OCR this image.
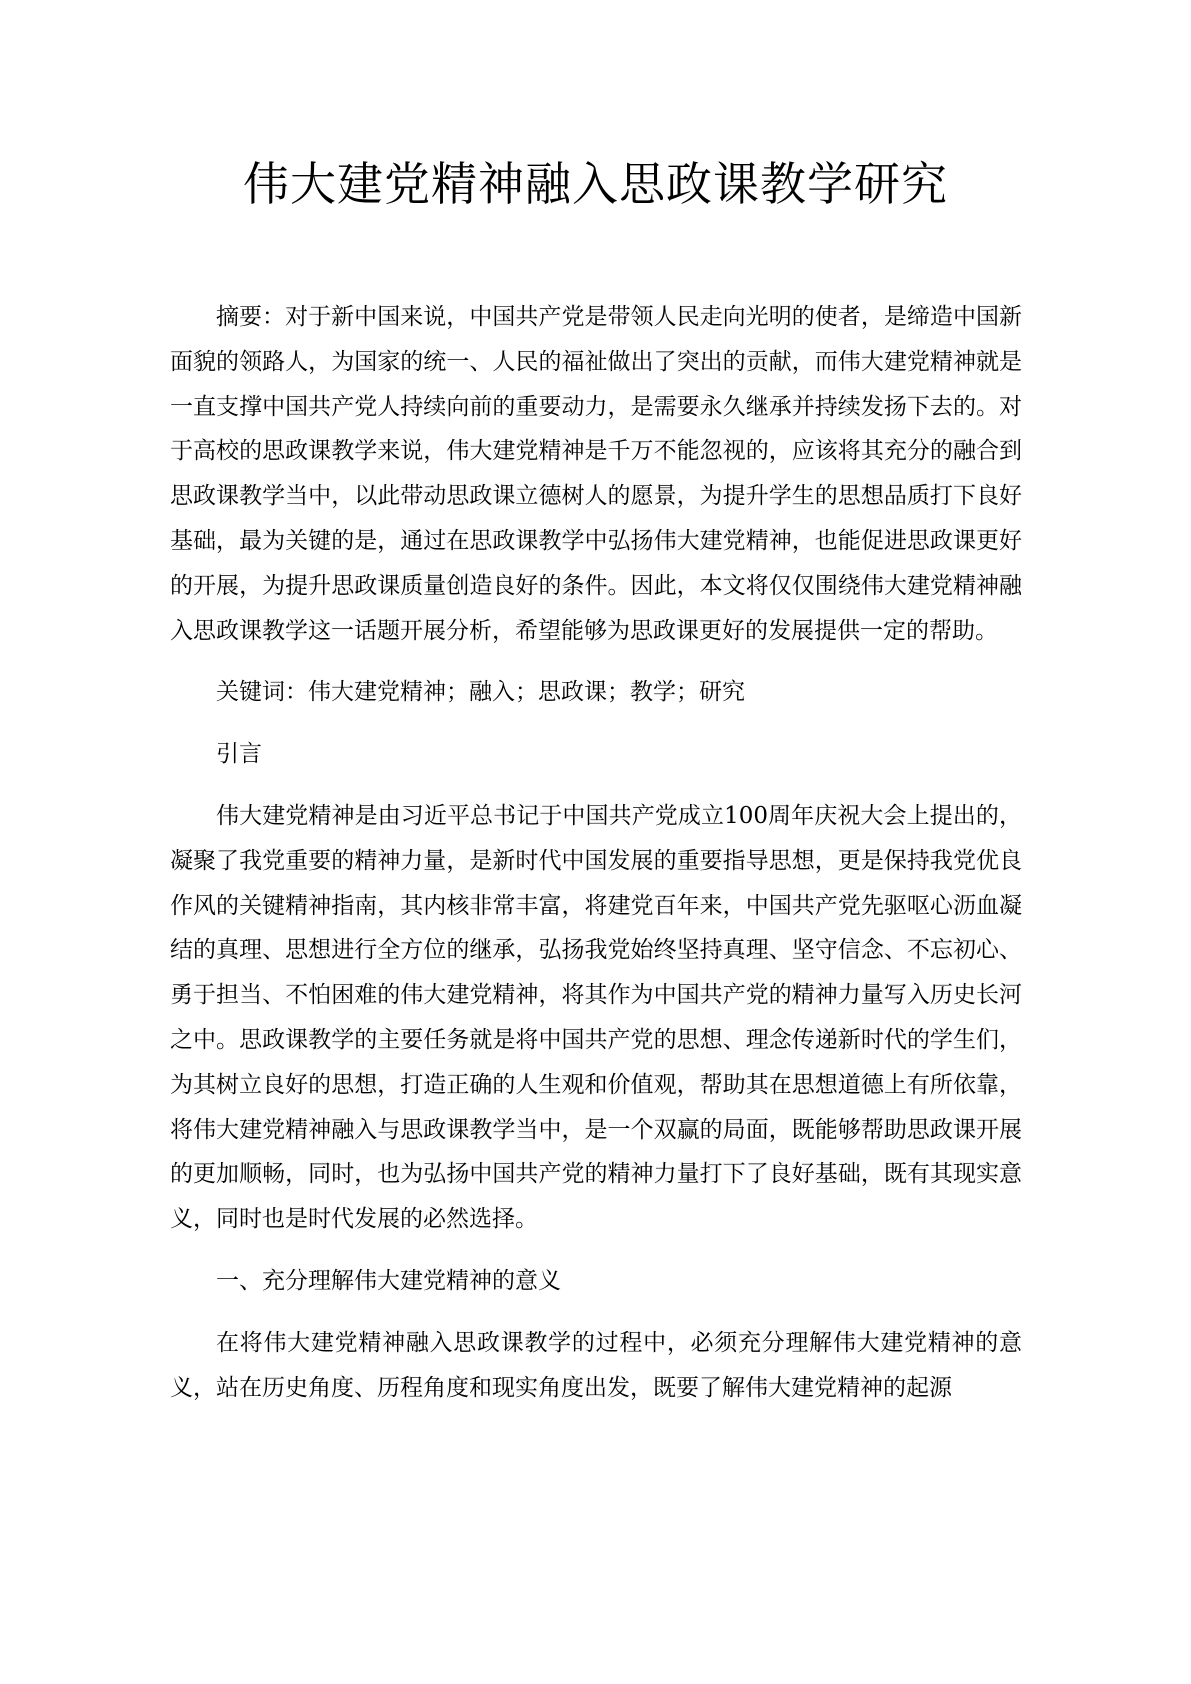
伟大建党精神融入思政课教学研究

摘要：对于新中国来说，中国共产党是带领人民走向光明的使者，是缔造中国新面貌的领路人，为国家的统一、人民的福祉做出了突出的贡献，而伟大建党精神就是一直支撑中国共产党人持续向前的重要动力，是需要永久继承并持续发扬下去的。对于高校的思政课教学来说，伟大建党精神是千万不能忽视的，应该将其充分的融合到思政课教学当中，以此带动思政课立德树人的愿景，为提升学生的思想品质打下良好基础，最为关键的是，通过在思政课教学中弘扬伟大建党精神，也能促进思政课更好的开展，为提升思政课质量创造良好的条件。因此，本文将仅仅围绕伟大建党精神融入思政课教学这一话题开展分析，希望能够为思政课更好的发展提供一定的帮助。

关键词：伟大建党精神；融入；思政课；教学；研究

引言

伟大建党精神是由习近平总书记于中国共产党成立100周年庆祝大会上提出的，凝聚了我党重要的精神力量，是新时代中国发展的重要指导思想，更是保持我党优良作风的关键精神指南，其内核非常丰富，将建党百年来，中国共产党先驱呕心沥血凝结的真理、思想进行全方位的继承，弘扬我党始终坚持真理、坚守信念、不忘初心、勇于担当、不怕困难的伟大建党精神，将其作为中国共产党的精神力量写入历史长河之中。思政课教学的主要任务就是将中国共产党的思想、理念传递新时代的学生们，为其树立良好的思想，打造正确的人生观和价值观，帮助其在思想道德上有所依靠，将伟大建党精神融入与思政课教学当中，是一个双赢的局面，既能够帮助思政课开展的更加顺畅，同时，也为弘扬中国共产党的精神力量打下了良好基础，既有其现实意义，同时也是时代发展的必然选择。

一、充分理解伟大建党精神的意义

在将伟大建党精神融入思政课教学的过程中，必须充分理解伟大建党精神的意义，站在历史角度、历程角度和现实角度出发，既要了解伟大建党精神的起源
